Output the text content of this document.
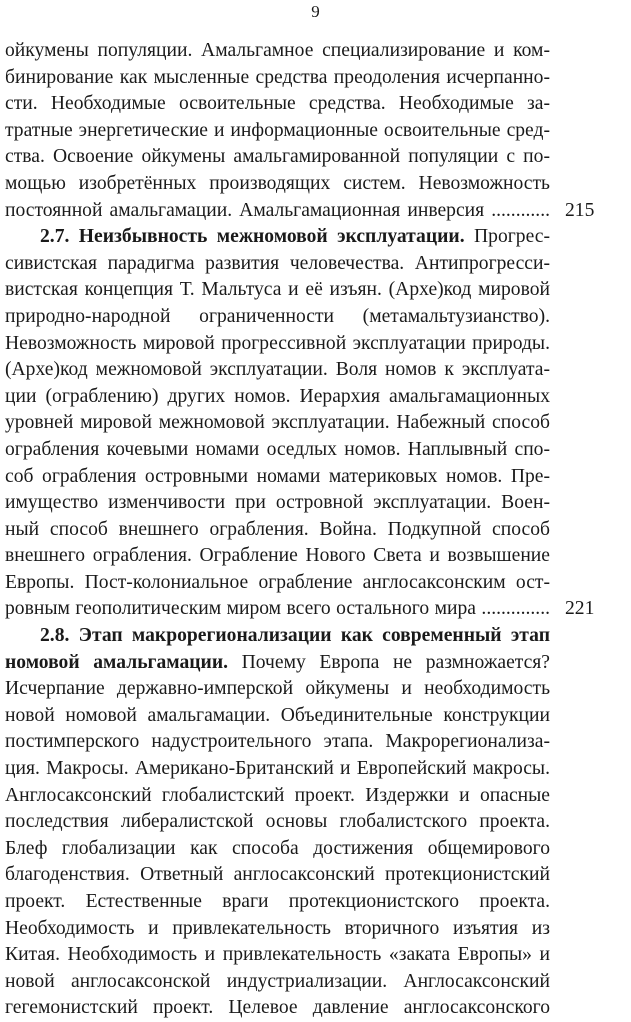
9
ойкумены популяции. Амальгамное специализирование и ком-
бинирование как мысленные средства преодоления исчерпанно-
сти. Необходимые освоительные средства. Необходимые за-
тратные энергетические и информационные освоительные сред-
ства. Освоение ойкумены амальгамированной популяции с по-
мощью изобретённых производящих систем. Невозможность
постоянной амальгамации. Амальгамационная инверсия ............ 215
2.7. Неизбывность межномовой эксплуатации. Прогрес-
сивистская парадигма развития человечества. Антипрогресси-
вистская концепция Т. Мальтуса и её изъян. (Архе)код мировой
природно-народной ограниченности (метамальтузианство).
Невозможность мировой прогрессивной эксплуатации природы.
(Архе)код межномовой эксплуатации. Воля номов к эксплуата-
ции (ограблению) других номов. Иерархия амальгамационных
уровней мировой межномовой эксплуатации. Набежный способ
ограбления кочевыми номами оседлых номов. Наплывный спо-
соб ограбления островными номами материковых номов. Пре-
имущество изменчивости при островной эксплуатации. Воен-
ный способ внешнего ограбления. Война. Подкупной способ
внешнего ограбления. Ограбление Нового Света и возвышение
Европы. Пост-колониальное ограбление англосаксонским ост-
ровным геополитическим миром всего остального мира .............. 221
2.8. Этап макрорегионализации как современный этап
номовой амальгамации. Почему Европа не размножается?
Исчерпание державно-имперской ойкумены и необходимость
новой номовой амальгамации. Объединительные конструкции
постимперского надустроительного этапа. Макрорегионализа-
ция. Макросы. Американо-Британский и Европейский макросы.
Англосаксонский глобалистский проект. Издержки и опасные
последствия либералистской основы глобалистского проекта.
Блеф глобализации как способа достижения общемирового
благоденствия. Ответный англосаксонский протекционистский
проект. Естественные враги протекционистского проекта.
Необходимость и привлекательность вторичного изъятия из
Китая. Необходимость и привлекательность «заката Европы» и
новой англосаксонской индустриализации. Англосаксонский
гегемонистский проект. Целевое давление англосаксонского
